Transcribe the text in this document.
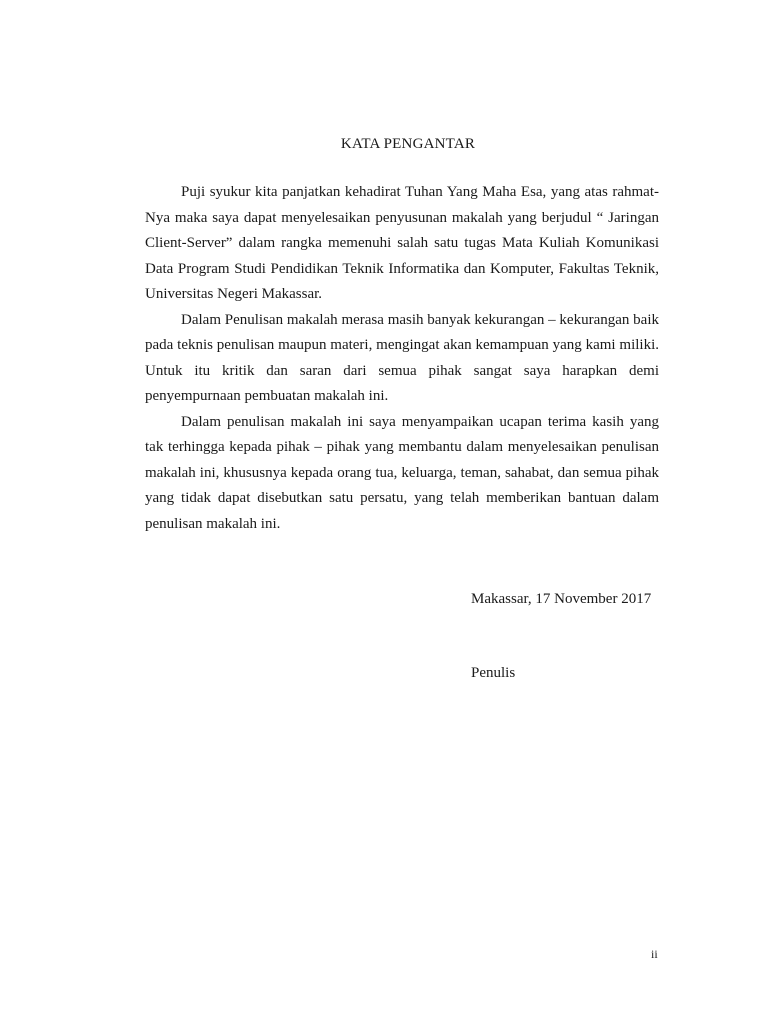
KATA PENGANTAR

Puji syukur kita panjatkan kehadirat Tuhan Yang Maha Esa, yang atas rahmat-Nya maka saya dapat menyelesaikan penyusunan makalah yang berjudul “ Jaringan Client-Server” dalam rangka memenuhi salah satu tugas Mata Kuliah Komunikasi Data Program Studi Pendidikan Teknik Informatika dan Komputer, Fakultas Teknik, Universitas Negeri Makassar.

Dalam Penulisan makalah merasa masih banyak kekurangan – kekurangan baik pada teknis penulisan maupun materi, mengingat akan kemampuan yang kami miliki. Untuk itu kritik dan saran dari semua pihak sangat saya harapkan demi penyempurnaan pembuatan makalah ini.

Dalam penulisan makalah ini saya menyampaikan ucapan terima kasih yang tak terhingga kepada pihak – pihak yang membantu dalam menyelesaikan penulisan makalah ini, khususnya kepada orang tua, keluarga, teman, sahabat, dan semua pihak yang tidak dapat disebutkan satu persatu, yang telah memberikan bantuan dalam penulisan makalah ini.

Makassar, 17 November 2017
Penulis
ii
